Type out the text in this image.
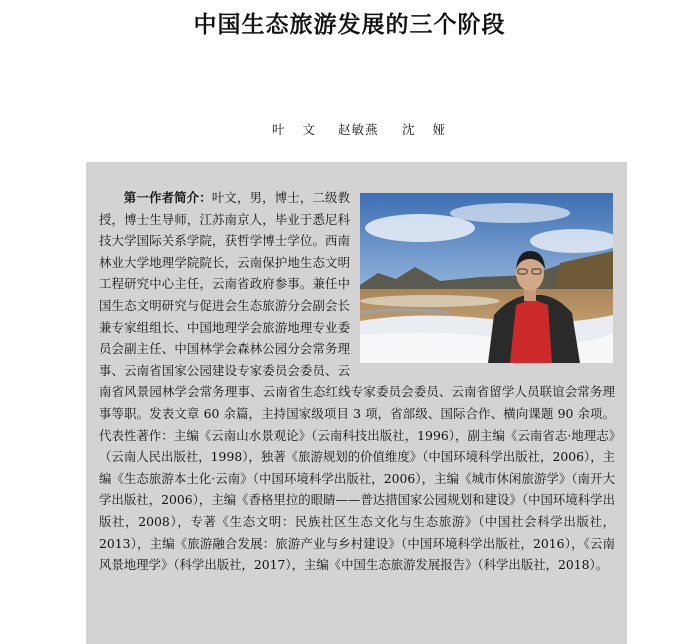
中国生态旅游发展的三个阶段
叶 文 赵敏燕 沈 娅

第一作者简介：叶文，男，博士，二级教授，博士生导师，江苏南京人，毕业于悉尼科技大学国际关系学院，获哲学博士学位。西南林业大学地理学院院长，云南保护地生态文明工程研究中心主任，云南省政府参事。兼任中国生态文明研究与促进会生态旅游分会副会长兼专家组组长、中国地理学会旅游地理专业委员会副主任、中国林学会森林公园分会常务理事、云南省国家公园建设专家委员会委员、云南省风景园林学会常务理事、云南省生态红线专家委员会委员、云南省留学人员联谊会常务理事等职。发表文章 60 余篇，主持国家级项目 3 项，省部级、国际合作、横向课题 90 余项。代表性著作：主编《云南山水景观论》（云南科技出版社，1996），副主编《云南省志·地理志》（云南人民出版社，1998），独著《旅游规划的价值维度》（中国环境科学出版社，2006），主编《生态旅游本土化·云南》（中国环境科学出版社，2006），主编《城市休闲旅游学》（南开大学出版社，2006），主编《香格里拉的眼睛——普达措国家公园规划和建设》（中国环境科学出版社，2008），专著《生态文明：民族社区生态文化与生态旅游》（中国社会科学出版社，2013），主编《旅游融合发展：旅游产业与乡村建设》（中国环境科学出版社，2016），《云南风景地理学》（科学出版社，2017），主编《中国生态旅游发展报告》（科学出版社，2018）。
